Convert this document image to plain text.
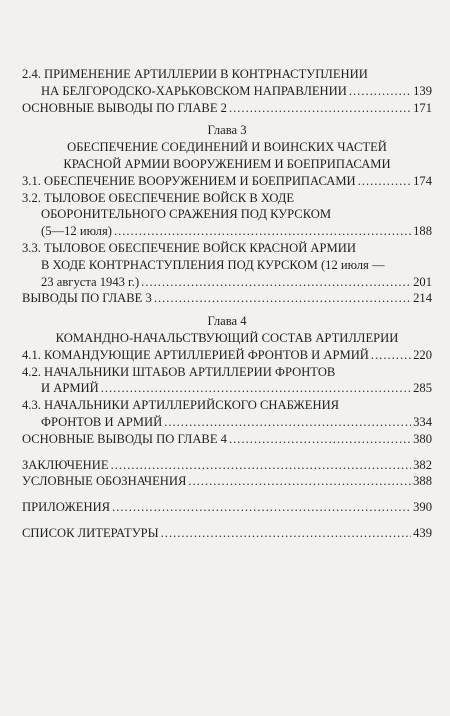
2.4. ПРИМЕНЕНИЕ АРТИЛЛЕРИИ В КОНТРНАСТУПЛЕНИИ
НА БЕЛГОРОДСКО-ХАРЬКОВСКОМ НАПРАВЛЕНИИ .....	139
ОСНОВНЫЕ ВЫВОДЫ ПО ГЛАВЕ 2 .....	171
Глава 3
ОБЕСПЕЧЕНИЕ СОЕДИНЕНИЙ И ВОИНСКИХ ЧАСТЕЙ
КРАСНОЙ АРМИИ ВООРУЖЕНИЕМ И БОЕПРИПАСАМИ
3.1. ОБЕСПЕЧЕНИЕ ВООРУЖЕНИЕМ И БОЕПРИПАСАМИ .....	174
3.2. ТЫЛОВОЕ ОБЕСПЕЧЕНИЕ ВОЙСК В ХОДЕ
ОБОРОНИТЕЛЬНОГО СРАЖЕНИЯ ПОД КУРСКОМ
(5—12 июля) .....	188
3.3. ТЫЛОВОЕ ОБЕСПЕЧЕНИЕ ВОЙСК КРАСНОЙ АРМИИ
В ХОДЕ КОНТРНАСТУПЛЕНИЯ ПОД КУРСКОМ (12 июля —
23 августа 1943 г.) .....	201
ВЫВОДЫ ПО ГЛАВЕ 3 .....	214
Глава 4
КОМАНДНО-НАЧАЛЬСТВУЮЩИЙ СОСТАВ АРТИЛЛЕРИИ
4.1. КОМАНДУЮЩИЕ АРТИЛЛЕРИЕЙ ФРОНТОВ И АРМИЙ .....	220
4.2. НАЧАЛЬНИКИ ШТАБОВ АРТИЛЛЕРИИ ФРОНТОВ
И АРМИЙ .....	285
4.3. НАЧАЛЬНИКИ АРТИЛЛЕРИЙСКОГО СНАБЖЕНИЯ
ФРОНТОВ И АРМИЙ .....	334
ОСНОВНЫЕ ВЫВОДЫ ПО ГЛАВЕ 4 .....	380
ЗАКЛЮЧЕНИЕ .....	382
УСЛОВНЫЕ ОБОЗНАЧЕНИЯ .....	388
ПРИЛОЖЕНИЯ .....	390
СПИСОК ЛИТЕРАТУРЫ .....	439
